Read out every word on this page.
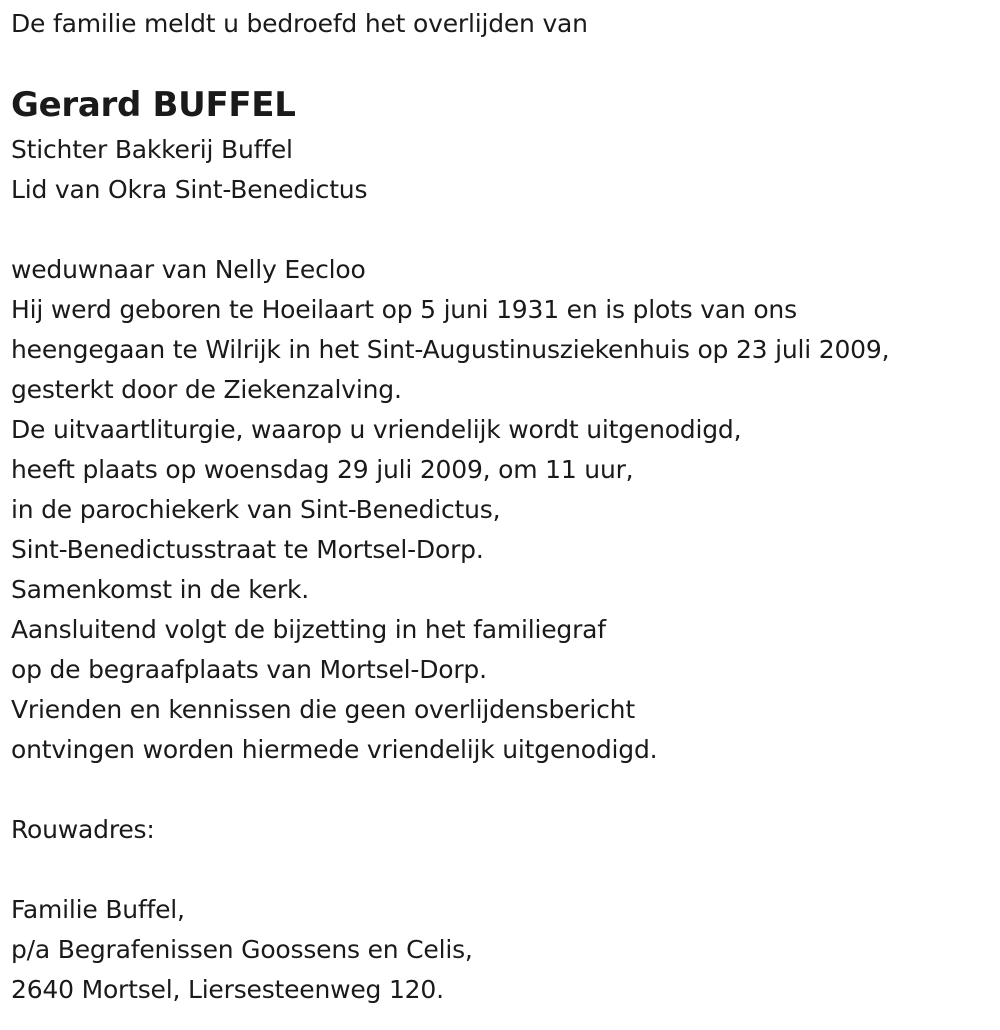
De familie meldt u bedroefd het overlijden van
Gerard BUFFEL
Stichter Bakkerij Buffel
Lid van Okra Sint-Benedictus
weduwnaar van Nelly Eecloo
Hij werd geboren te Hoeilaart op 5 juni 1931 en is plots van ons
heengegaan te Wilrijk in het Sint-Augustinusziekenhuis op 23 juli 2009,
gesterkt door de Ziekenzalving.
De uitvaartliturgie, waarop u vriendelijk wordt uitgenodigd,
heeft plaats op woensdag 29 juli 2009, om 11 uur,
in de parochiekerk van Sint-Benedictus,
Sint-Benedictusstraat te Mortsel-Dorp.
Samenkomst in de kerk.
Aansluitend volgt de bijzetting in het familiegraf
op de begraafplaats van Mortsel-Dorp.
Vrienden en kennissen die geen overlijdensbericht
ontvingen worden hiermede vriendelijk uitgenodigd.
Rouwadres:
Familie Buffel,
p/a Begrafenissen Goossens en Celis,
2640 Mortsel, Liersesteenweg 120.
